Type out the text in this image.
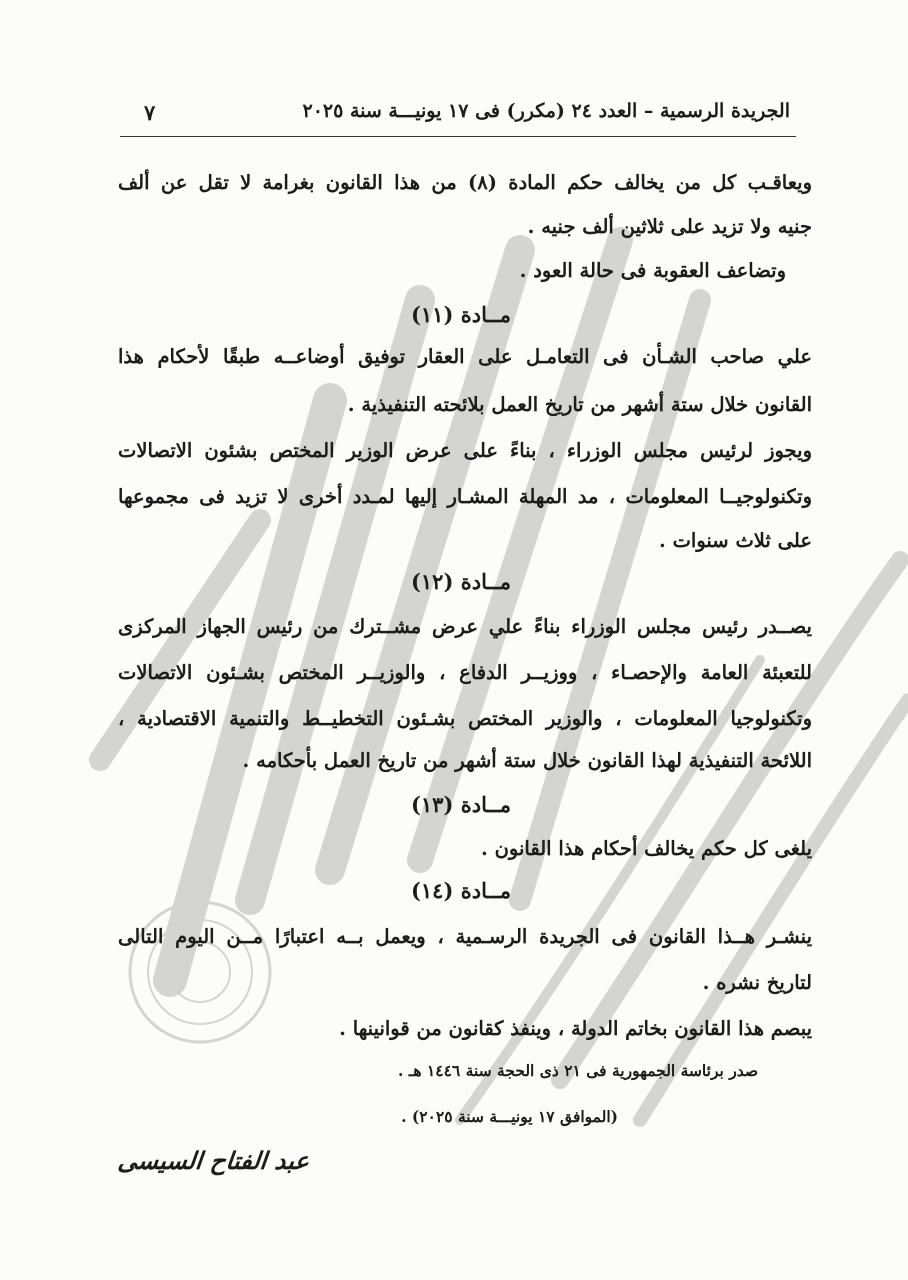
٧	الجريدة الرسمية – العدد ٢٤ (مكرر) فى ١٧ يونيـــة سنة ٢٠٢٥
ويعاقـب كل من يخالف حكم المادة (٨) من هذا القانون بغرامة لا تقل عن ألف
جنيه ولا تزيد على ثلاثين ألف جنيه .
وتضاعف العقوبة فى حالة العود .
مــادة (١١)
علي صاحب الشـأن فى التعامـل على العقار توفيق أوضاعــه طبقًا لأحكام هذا
القانون خلال ستة أشهر من تاريخ العمل بلائحته التنفيذية .
ويجوز لرئيس مجلس الوزراء ، بناءً على عرض الوزير المختص بشئون الاتصالات
وتكنولوجيــا المعلومات ، مد المهلة المشـار إليها لمـدد أخرى لا تزيد فى مجموعها
على ثلاث سنوات .
مــادة (١٢)
يصــدر رئيس مجلس الوزراء بناءً علي عرض مشــترك من رئيس الجهاز المركزى
للتعبئة العامة والإحصـاء ، ووزيــر الدفاع ، والوزيــر المختص بشـئون الاتصالات
وتكنولوجيا المعلومات ، والوزير المختص بشـئون التخطيــط والتنمية الاقتصادية ،
اللائحة التنفيذية لهذا القانون خلال ستة أشهر من تاريخ العمل بأحكامه .
مــادة (١٣)
يلغى كل حكم يخالف أحكام هذا القانون .
مــادة (١٤)
ينشـر هــذا القانون فى الجريدة الرسـمية ، ويعمل بــه اعتبارًا مــن اليوم التالى
لتاريخ نشره .
يبصم هذا القانون بخاتم الدولة ، وينفذ كقانون من قوانينها .
صدر برئاسة الجمهورية فى ٢١ ذى الحجة سنة ١٤٤٦ هـ .
(الموافق ١٧ يونيـــة سنة ٢٠٢٥) .
عبد الفتاح السيسى
